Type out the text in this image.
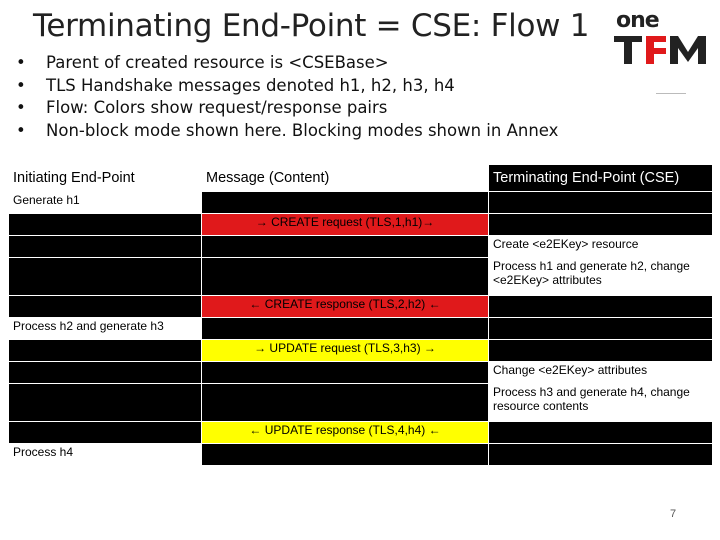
Terminating End-Point = CSE: Flow 1 one
• Parent of created resource is <CSEBase>
• TLS Handshake messages denoted h1, h2, h3, h4
• Flow: Colors show request/response pairs
• Non-block mode shown here. Blocking modes shown in Annex
Initiating End-Point	Message (Content)	Terminating End-Point (CSE)
Generate h1		
	→ CREATE request (TLS,1,h1)→	
		Create <e2EKey> resource
		Process h1 and generate h2, change <e2EKey> attributes
	← CREATE response (TLS,2,h2) ←	
Process h2 and generate h3		
	→ UPDATE request (TLS,3,h3) →	
		Change <e2EKey> attributes
		Process h3 and generate h4, change resource contents
	← UPDATE response (TLS,4,h4) ←	
Process h4		
7
